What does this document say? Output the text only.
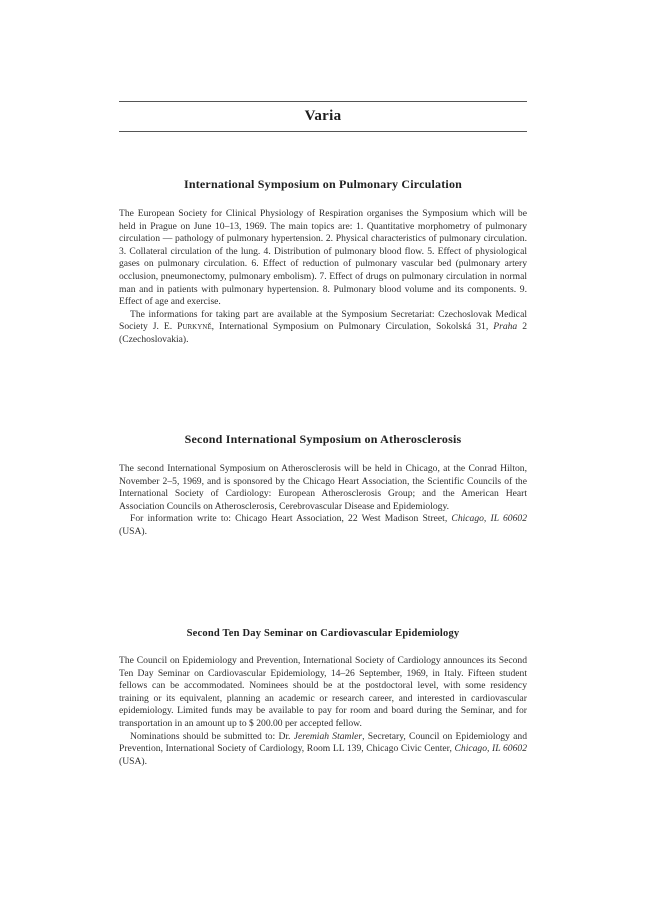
Varia
International Symposium on Pulmonary Circulation

The European Society for Clinical Physiology of Respiration organises the Symposium which will be held in Prague on June 10–13, 1969. The main topics are: 1. Quantitative morphometry of pulmonary circulation — pathology of pulmonary hypertension. 2. Physical characteristics of pulmonary circulation. 3. Collateral circulation of the lung. 4. Distribution of pulmonary blood flow. 5. Effect of physiological gases on pulmonary circulation. 6. Effect of reduction of pulmonary vascular bed (pulmonary artery occlusion, pneumonectomy, pulmonary embolism). 7. Effect of drugs on pulmonary circulation in normal man and in patients with pulmonary hypertension. 8. Pulmonary blood volume and its components. 9. Effect of age and exercise.

The informations for taking part are available at the Symposium Secretariat: Czechoslovak Medical Society J. E. Purkyně, International Symposium on Pulmonary Circulation, Sokolská 31, Praha 2 (Czechoslovakia).

Second International Symposium on Atherosclerosis

The second International Symposium on Atherosclerosis will be held in Chicago, at the Conrad Hilton, November 2–5, 1969, and is sponsored by the Chicago Heart Association, the Scientific Councils of the International Society of Cardiology: European Atherosclerosis Group; and the American Heart Association Councils on Atherosclerosis, Cerebrovascular Disease and Epidemiology.

For information write to: Chicago Heart Association, 22 West Madison Street, Chicago, IL 60602 (USA).

Second Ten Day Seminar on Cardiovascular Epidemiology

The Council on Epidemiology and Prevention, International Society of Cardiology announces its Second Ten Day Seminar on Cardiovascular Epidemiology, 14–26 September, 1969, in Italy. Fifteen student fellows can be accommodated. Nominees should be at the postdoctoral level, with some residency training or its equivalent, planning an academic or research career, and interested in cardiovascular epidemiology. Limited funds may be available to pay for room and board during the Seminar, and for transportation in an amount up to $ 200.00 per accepted fellow.

Nominations should be submitted to: Dr. Jeremiah Stamler, Secretary, Council on Epidemiology and Prevention, International Society of Cardiology, Room LL 139, Chicago Civic Center, Chicago, IL 60602 (USA).
